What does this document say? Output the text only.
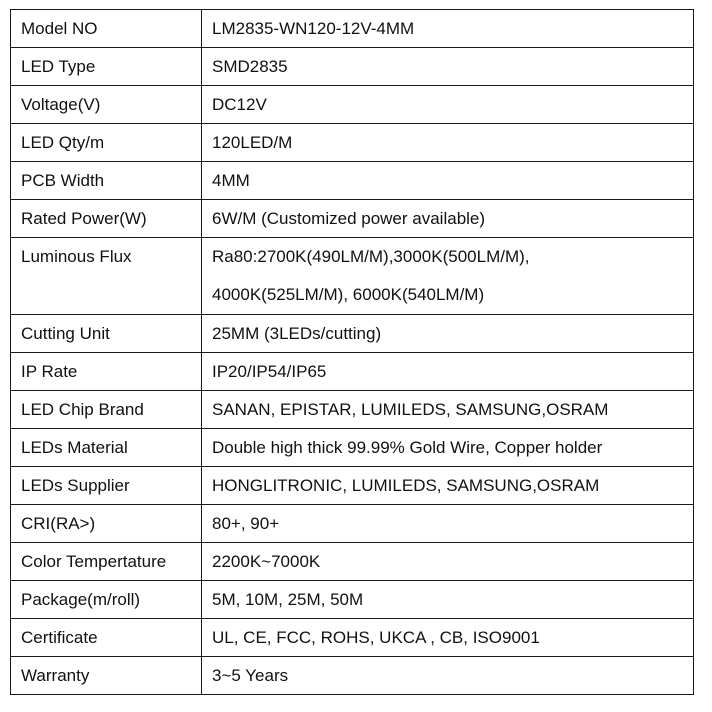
Model NO	LM2835-WN120-12V-4MM
LED Type	SMD2835
Voltage(V)	DC12V
LED Qty/m	120LED/M
PCB Width	4MM
Rated Power(W)	6W/M (Customized power available)

Luminous Flux	Ra80:2700K(490LM/M),3000K(500LM/M),
4000K(525LM/M), 6000K(540LM/M)

Cutting Unit	25MM (3LEDs/cutting)
IP Rate	IP20/IP54/IP65
LED Chip Brand	SANAN, EPISTAR, LUMILEDS, SAMSUNG,OSRAM
LEDs Material	Double high thick 99.99% Gold Wire, Copper holder
LEDs Supplier	HONGLITRONIC, LUMILEDS, SAMSUNG,OSRAM
CRI(RA>)	80+, 90+
Color Tempertature	2200K~7000K
Package(m/roll)	5M, 10M, 25M, 50M
Certificate	UL, CE, FCC, ROHS, UKCA , CB, ISO9001
Warranty	3~5 Years
